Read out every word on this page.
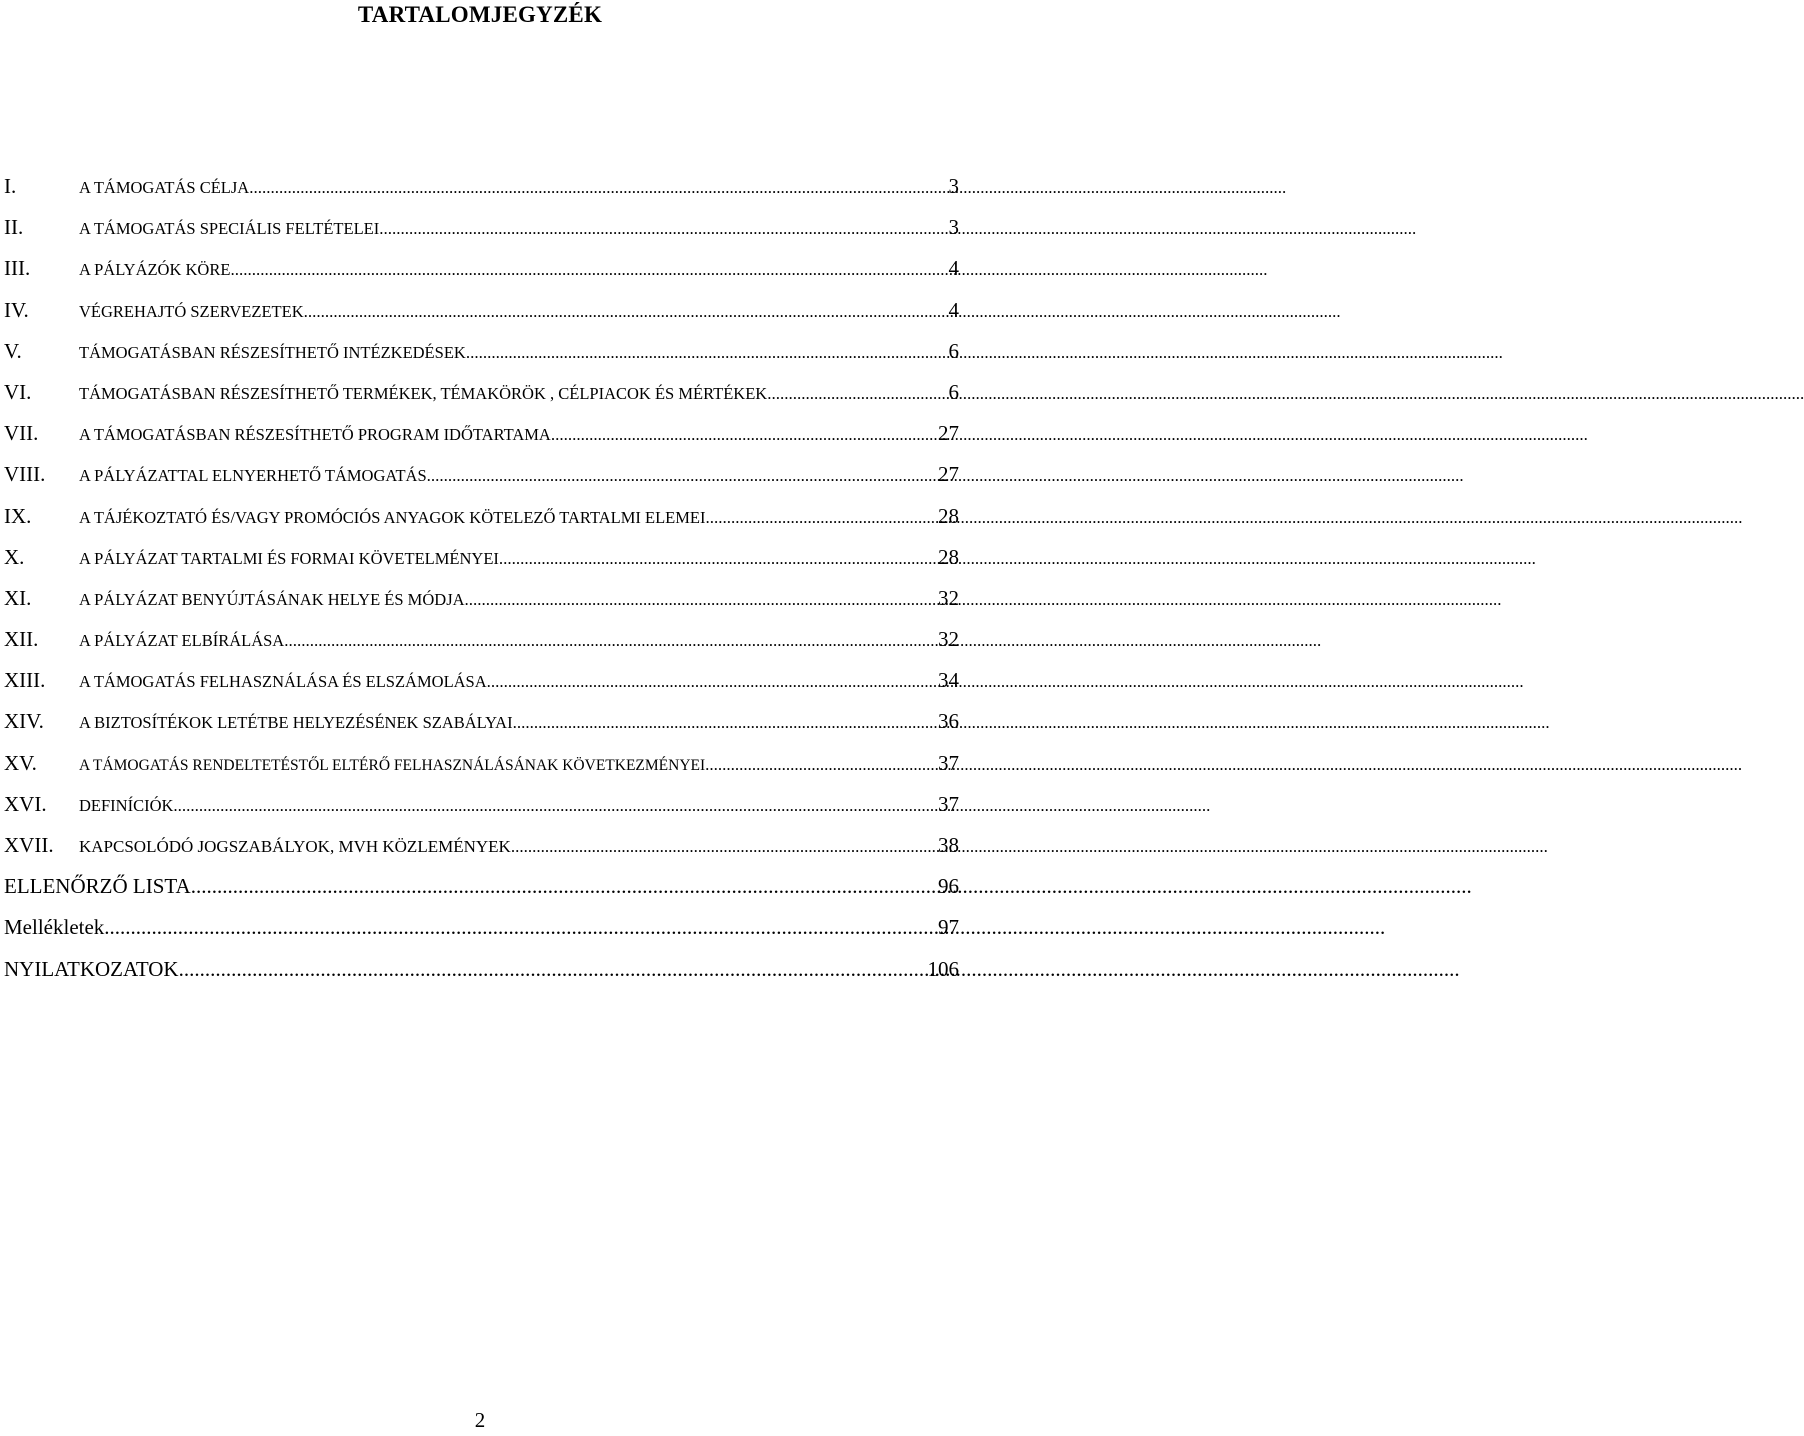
TARTALOMJEGYZÉK
I.	A TÁMOGATÁS CÉLJA .....	3
II.	A TÁMOGATÁS SPECIÁLIS FELTÉTELEI .....	3
III.	A PÁLYÁZÓK KÖRE .....	4
IV.	VÉGREHAJTÓ SZERVEZETEK .....	4
V.	TÁMOGATÁSBAN RÉSZESÍTHETŐ INTÉZKEDÉSEK .....	6
VI.	TÁMOGATÁSBAN RÉSZESÍTHETŐ TERMÉKEK, TÉMAKÖRÖK , CÉLPIACOK ÉS MÉRTÉKEK .....	6
VII.	A TÁMOGATÁSBAN RÉSZESÍTHETŐ PROGRAM IDŐTARTAMA .....	27
VIII.	A PÁLYÁZATTAL ELNYERHETŐ TÁMOGATÁS .....	27
IX.	A TÁJÉKOZTATÓ ÉS/VAGY PROMÓCIÓS ANYAGOK KÖTELEZŐ TARTALMI ELEMEI .....	28
X.	A PÁLYÁZAT TARTALMI ÉS FORMAI KÖVETELMÉNYEI .....	28
XI.	A PÁLYÁZAT BENYÚJTÁSÁNAK HELYE ÉS MÓDJA .....	32
XII.	A PÁLYÁZAT ELBÍRÁLÁSA .....	32
XIII.	A TÁMOGATÁS FELHASZNÁLÁSA ÉS ELSZÁMOLÁSA .....	34
XIV.	A BIZTOSÍTÉKOK LETÉTBE HELYEZÉSÉNEK SZABÁLYAI .....	36
XV.	A TÁMOGATÁS RENDELTETÉSTŐL ELTÉRŐ FELHASZNÁLÁSÁNAK KÖVETKEZMÉNYEI .....	37
XVI.	DEFINÍCIÓK .....	37
XVII.	KAPCSOLÓDÓ JOGSZABÁLYOK, MVH KÖZLEMÉNYEK .....	38
ELLENŐRZŐ LISTA .....	96
Mellékletek .....	97
NYILATKOZATOK .....	106
2
